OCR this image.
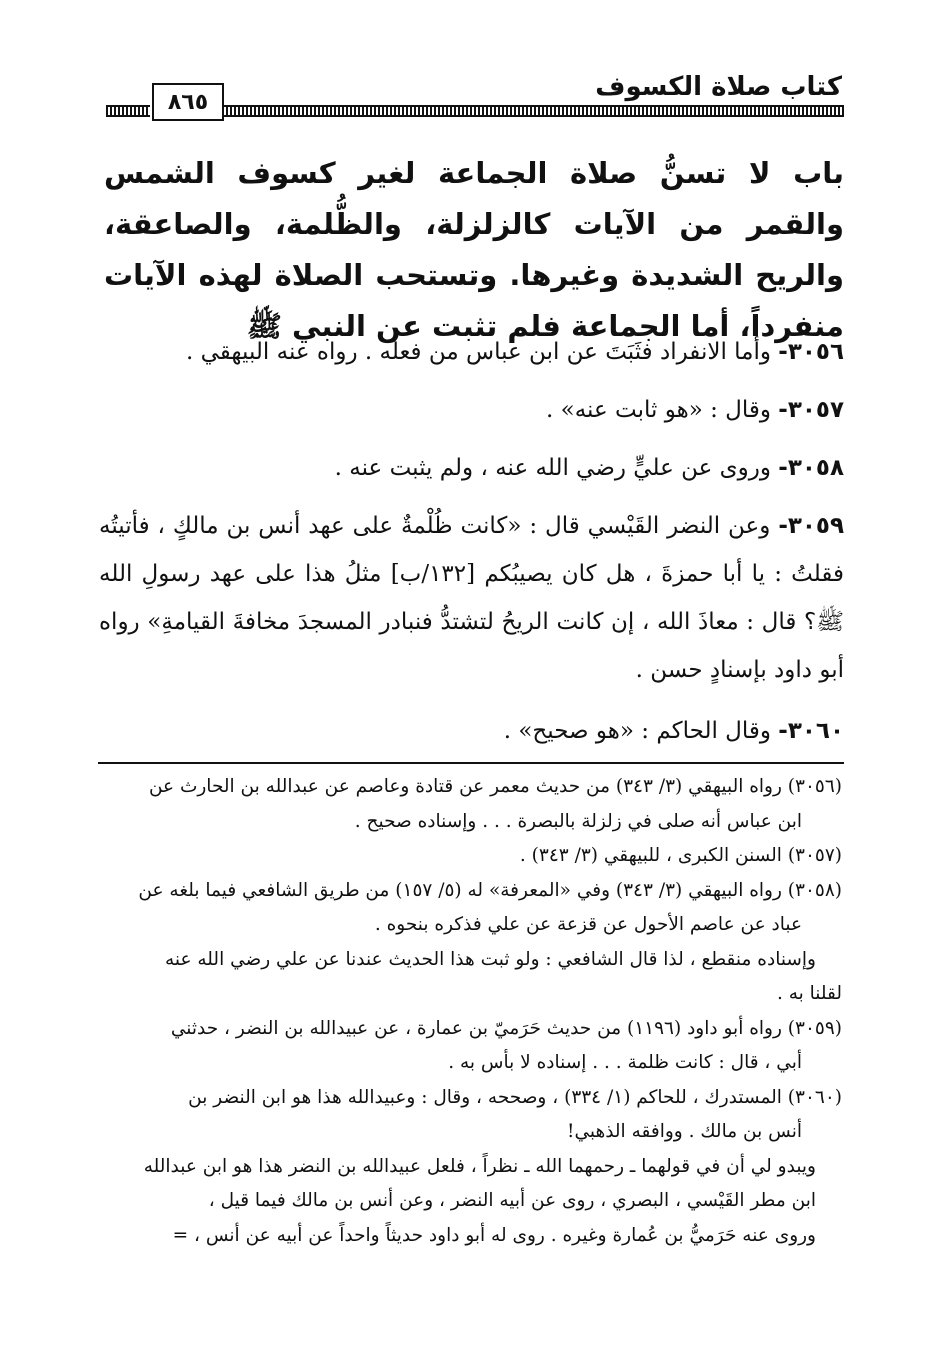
كتاب صلاة الكسوف
٨٦٥
باب لا تسنُّ صلاة الجماعة لغير كسوف الشمس والقمر من الآيات كالزلزلة، والظُّلمة، والصاعقة، والريح الشديدة وغيرها. وتستحب الصلاة لهذه الآيات منفرداً، أما الجماعة فلم تثبت عن النبي ﷺ
٣٠٥٦- وأما الانفراد فثَبَتَ عن ابن عباس من فعله . رواه عنه البيهقي .
٣٠٥٧- وقال : «هو ثابت عنه» .
٣٠٥٨- وروى عن عليٍّ رضي الله عنه ، ولم يثبت عنه .
٣٠٥٩- وعن النضر القَيْسي قال : «كانت ظُلْمةٌ على عهد أنس بن مالكٍ ، فأتيتُه فقلتُ : يا أبا حمزةَ ، هل كان يصيبُكم [١٣٢/ب] مثلُ هذا على عهد رسولِ الله ﷺ؟ قال : معاذَ الله ، إن كانت الريحُ لتشتدُّ فنبادر المسجدَ مخافةَ القيامةِ» رواه أبو داود بإسنادٍ حسن .
٣٠٦٠- وقال الحاكم : «هو صحيح» .
(٣٠٥٦) رواه البيهقي (٣/ ٣٤٣) من حديث معمر عن قتادة وعاصم عن عبدالله بن الحارث عن
ابن عباس أنه صلى في زلزلة بالبصرة . . . وإسناده صحيح .
(٣٠٥٧) السنن الكبرى ، للبيهقي (٣/ ٣٤٣) .
(٣٠٥٨) رواه البيهقي (٣/ ٣٤٣) وفي «المعرفة» له (٥/ ١٥٧) من طريق الشافعي فيما بلغه عن
عباد عن عاصم الأحول عن قزعة عن علي فذكره بنحوه .
وإسناده منقطع ، لذا قال الشافعي : ولو ثبت هذا الحديث عندنا عن علي رضي الله عنه
لقلنا به .
(٣٠٥٩) رواه أبو داود (١١٩٦) من حديث حَرَميّ بن عمارة ، عن عبيدالله بن النضر ، حدثني
أبي ، قال : كانت ظلمة . . . إسناده لا بأس به .
(٣٠٦٠) المستدرك ، للحاكم (١/ ٣٣٤) ، وصححه ، وقال : وعبيدالله هذا هو ابن النضر بن
أنس بن مالك . ووافقه الذهبي!
ويبدو لي أن في قولهما ـ رحمهما الله ـ نظراً ، فلعل عبيدالله بن النضر هذا هو ابن عبدالله
ابن مطر القَيْسي ، البصري ، روى عن أبيه النضر ، وعن أنس بن مالك فيما قيل ،
وروى عنه حَرَميُّ بن عُمارة وغيره . روى له أبو داود حديثاً واحداً عن أبيه عن أنس ، =
